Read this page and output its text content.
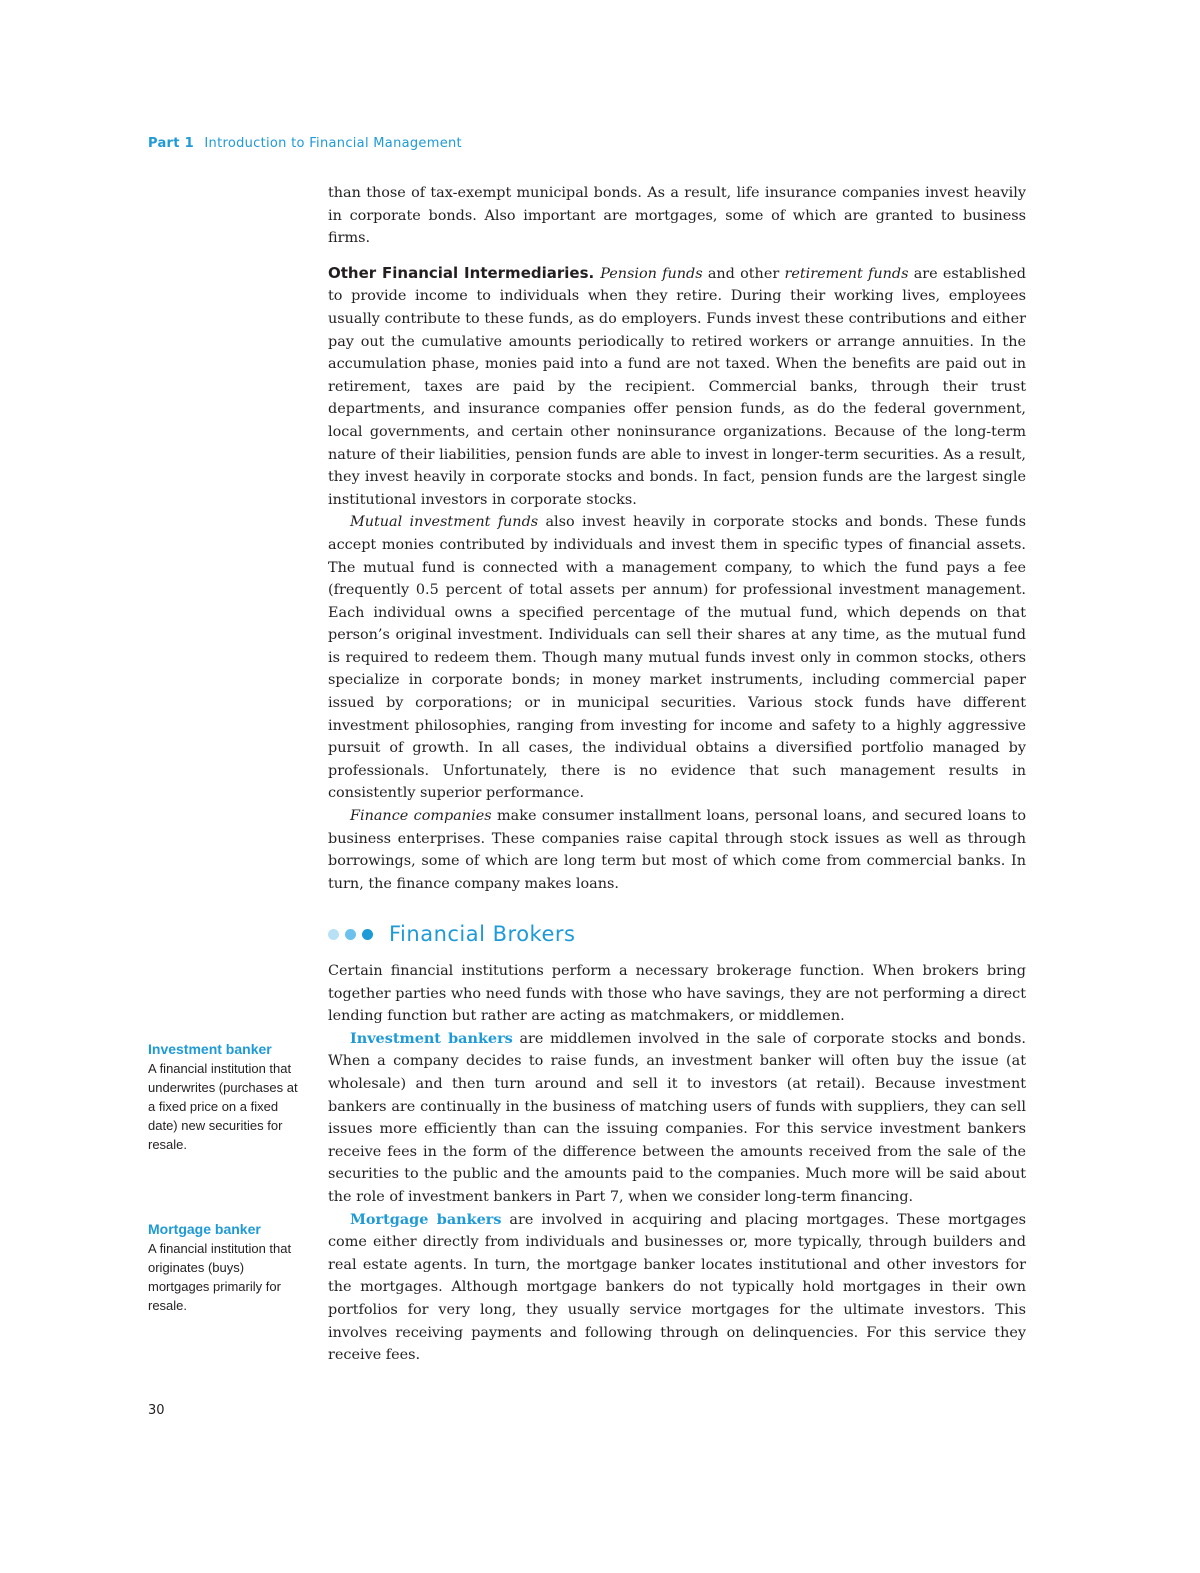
Part 1 Introduction to Financial Management

than those of tax-exempt municipal bonds. As a result, life insurance companies invest heavily in corporate bonds. Also important are mortgages, some of which are granted to business firms.

Other Financial Intermediaries. Pension funds and other retirement funds are established to provide income to individuals when they retire. During their working lives, employees usually contribute to these funds, as do employers. Funds invest these contributions and either pay out the cumulative amounts periodically to retired workers or arrange annuities. In the accumulation phase, monies paid into a fund are not taxed. When the benefits are paid out in retirement, taxes are paid by the recipient. Commercial banks, through their trust departments, and insurance companies offer pension funds, as do the federal government, local governments, and certain other noninsurance organizations. Because of the long-term nature of their liabilities, pension funds are able to invest in longer-term securities. As a result, they invest heavily in corporate stocks and bonds. In fact, pension funds are the largest single institutional investors in corporate stocks.

Mutual investment funds also invest heavily in corporate stocks and bonds. These funds accept monies contributed by individuals and invest them in specific types of financial assets. The mutual fund is connected with a management company, to which the fund pays a fee (frequently 0.5 percent of total assets per annum) for professional investment management. Each individual owns a specified percentage of the mutual fund, which depends on that person’s original investment. Individuals can sell their shares at any time, as the mutual fund is required to redeem them. Though many mutual funds invest only in common stocks, others specialize in corporate bonds; in money market instruments, including commercial paper issued by corporations; or in municipal securities. Various stock funds have different investment philosophies, ranging from investing for income and safety to a highly aggressive pursuit of growth. In all cases, the individual obtains a diversified portfolio managed by professionals. Unfortunately, there is no evidence that such management results in consistently superior performance.

Finance companies make consumer installment loans, personal loans, and secured loans to business enterprises. These companies raise capital through stock issues as well as through borrowings, some of which are long term but most of which come from commercial banks. In turn, the finance company makes loans.

Financial Brokers

Certain financial institutions perform a necessary brokerage function. When brokers bring together parties who need funds with those who have savings, they are not performing a direct lending function but rather are acting as matchmakers, or middlemen.

Investment bankers are middlemen involved in the sale of corporate stocks and bonds. When a company decides to raise funds, an investment banker will often buy the issue (at wholesale) and then turn around and sell it to investors (at retail). Because investment bankers are continually in the business of matching users of funds with suppliers, they can sell issues more efficiently than can the issuing companies. For this service investment bankers receive fees in the form of the difference between the amounts received from the sale of the securities to the public and the amounts paid to the companies. Much more will be said about the role of investment bankers in Part 7, when we consider long-term financing.

Mortgage bankers are involved in acquiring and placing mortgages. These mortgages come either directly from individuals and businesses or, more typically, through builders and real estate agents. In turn, the mortgage banker locates institutional and other investors for the mortgages. Although mortgage bankers do not typically hold mortgages in their own portfolios for very long, they usually service mortgages for the ultimate investors. This involves receiving payments and following through on delinquencies. For this service they receive fees.

Investment banker
A financial institution that underwrites (purchases at a fixed price on a fixed date) new securities for resale.
Mortgage banker
A financial institution that originates (buys) mortgages primarily for resale.
30
